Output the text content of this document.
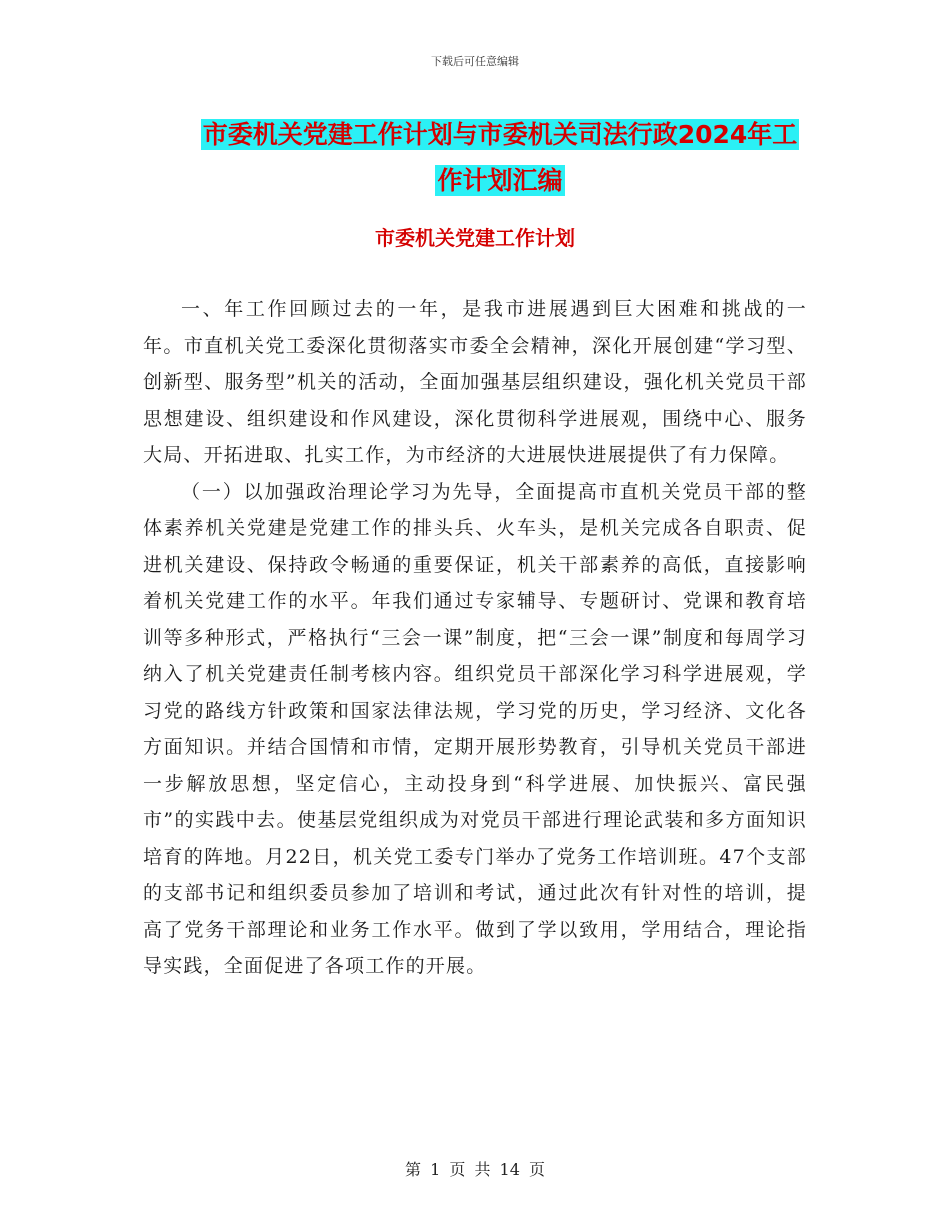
下载后可任意编辑
市委机关党建工作计划与市委机关司法行政2024年工
作计划汇编
市委机关党建工作计划

一、年工作回顾过去的一年，是我市进展遇到巨大困难和挑战的一年。市直机关党工委深化贯彻落实市委全会精神，深化开展创建“学习型、创新型、服务型”机关的活动，全面加强基层组织建设，强化机关党员干部思想建设、组织建设和作风建设，深化贯彻科学进展观，围绕中心、服务大局、开拓进取、扎实工作，为市经济的大进展快进展提供了有力保障。

（一）以加强政治理论学习为先导，全面提高市直机关党员干部的整体素养机关党建是党建工作的排头兵、火车头，是机关完成各自职责、促进机关建设、保持政令畅通的重要保证，机关干部素养的高低，直接影响着机关党建工作的水平。年我们通过专家辅导、专题研讨、党课和教育培训等多种形式，严格执行“三会一课”制度，把“三会一课”制度和每周学习纳入了机关党建责任制考核内容。组织党员干部深化学习科学进展观，学习党的路线方针政策和国家法律法规，学习党的历史，学习经济、文化各方面知识。并结合国情和市情，定期开展形势教育，引导机关党员干部进一步解放思想，坚定信心，主动投身到“科学进展、加快振兴、富民强市”的实践中去。使基层党组织成为对党员干部进行理论武装和多方面知识培育的阵地。月22日，机关党工委专门举办了党务工作培训班。47个支部的支部书记和组织委员参加了培训和考试，通过此次有针对性的培训，提高了党务干部理论和业务工作水平。做到了学以致用，学用结合，理论指导实践，全面促进了各项工作的开展。

第 1 页 共 14 页
